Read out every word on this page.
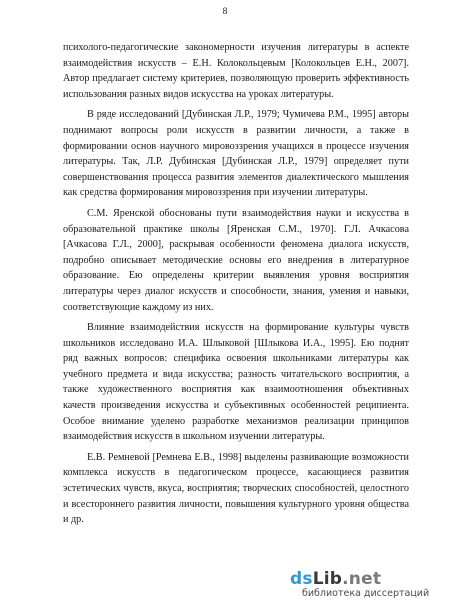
8

психолого-педагогические закономерности изучения литературы в аспекте взаимодействия искусств – Е.Н. Колокольцевым [Колокольцев Е.Н., 2007]. Автор предлагает систему критериев, позволяющую проверить эффективность использования разных видов искусства на уроках литературы.

В ряде исследований [Дубинская Л.Р., 1979; Чумичева Р.М., 1995] авторы поднимают вопросы роли искусств в развитии личности, а также в формировании основ научного мировоззрения учащихся в процессе изучения литературы. Так, Л.Р. Дубинская [Дубинская Л.Р., 1979] определяет пути совершенствования процесса развития элементов диалектического мышления как средства формирования мировоззрения при изучении литературы.

С.М. Яренской обоснованы пути взаимодействия науки и искусства в образовательной практике школы [Яренская С.М., 1970]. Г.Л. Ачкасова [Ачкасова Г.Л., 2000], раскрывая особенности феномена диалога искусств, подробно описывает методические основы его внедрения в литературное образование. Ею определены критерии выявления уровня восприятия литературы через диалог искусств и способности, знания, умения и навыки, соответствующие каждому из них.

Влияние взаимодействия искусств на формирование культуры чувств школьников исследовано И.А. Шлыковой [Шлыкова И.А., 1995]. Ею поднят ряд важных вопросов: специфика освоения школьниками литературы как учебного предмета и вида искусства; разность читательского восприятия, а также художественного восприятия как взаимоотношения объективных качеств произведения искусства и субъективных особенностей реципиента. Особое внимание уделено разработке механизмов реализации принципов взаимодействия искусств в школьном изучении литературы.

Е.В. Ремневой [Ремнева Е.В., 1998] выделены развивающие возможности комплекса искусств в педагогическом процессе, касающиеся развития эстетических чувств, вкуса, восприятия; творческих способностей, целостного и всестороннего развития личности, повышения культурного уровня общества и др.

dsLib.net
библиотека диссертаций
